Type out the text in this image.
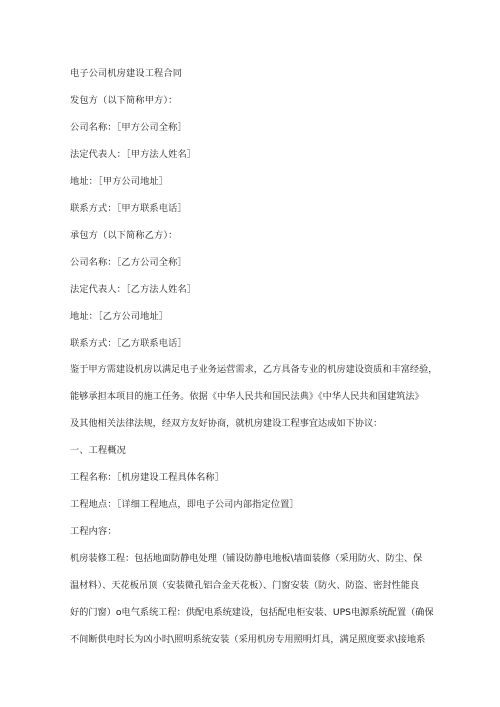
电子公司机房建设工程合同
发包方（以下简称甲方）：
公司名称：［甲方公司全称］
法定代表人：［甲方法人姓名］
地址：［甲方公司地址］
联系方式：［甲方联系电话］
承包方（以下简称乙方）：
公司名称：［乙方公司全称］
法定代表人：［乙方法人姓名］
地址：［乙方公司地址］
联系方式：［乙方联系电话］
鉴于甲方需建设机房以满足电子业务运营需求，乙方具备专业的机房建设资质和丰富经验，
能够承担本项目的施工任务。依据《中华人民共和国民法典》《中华人民共和国建筑法》
及其他相关法律法规，经双方友好协商，就机房建设工程事宜达成如下协议：
一、工程概况
工程名称：［机房建设工程具体名称］
工程地点：［详细工程地点，即电子公司内部指定位置］
工程内容：
机房装修工程：包括地面防静电处理（铺设防静电地板\墙面装修（采用防火、防尘、保
温材料）、天花板吊顶（安装微孔铝合金天花板）、门窗安装（防火、防盗、密封性能良
好的门窗）o电气系统工程：供配电系统建设，包括配电柜安装、UPS电源系统配置（确保
不间断供电时长为凶小时\照明系统安装（采用机房专用照明灯具，满足照度要求\接地系
